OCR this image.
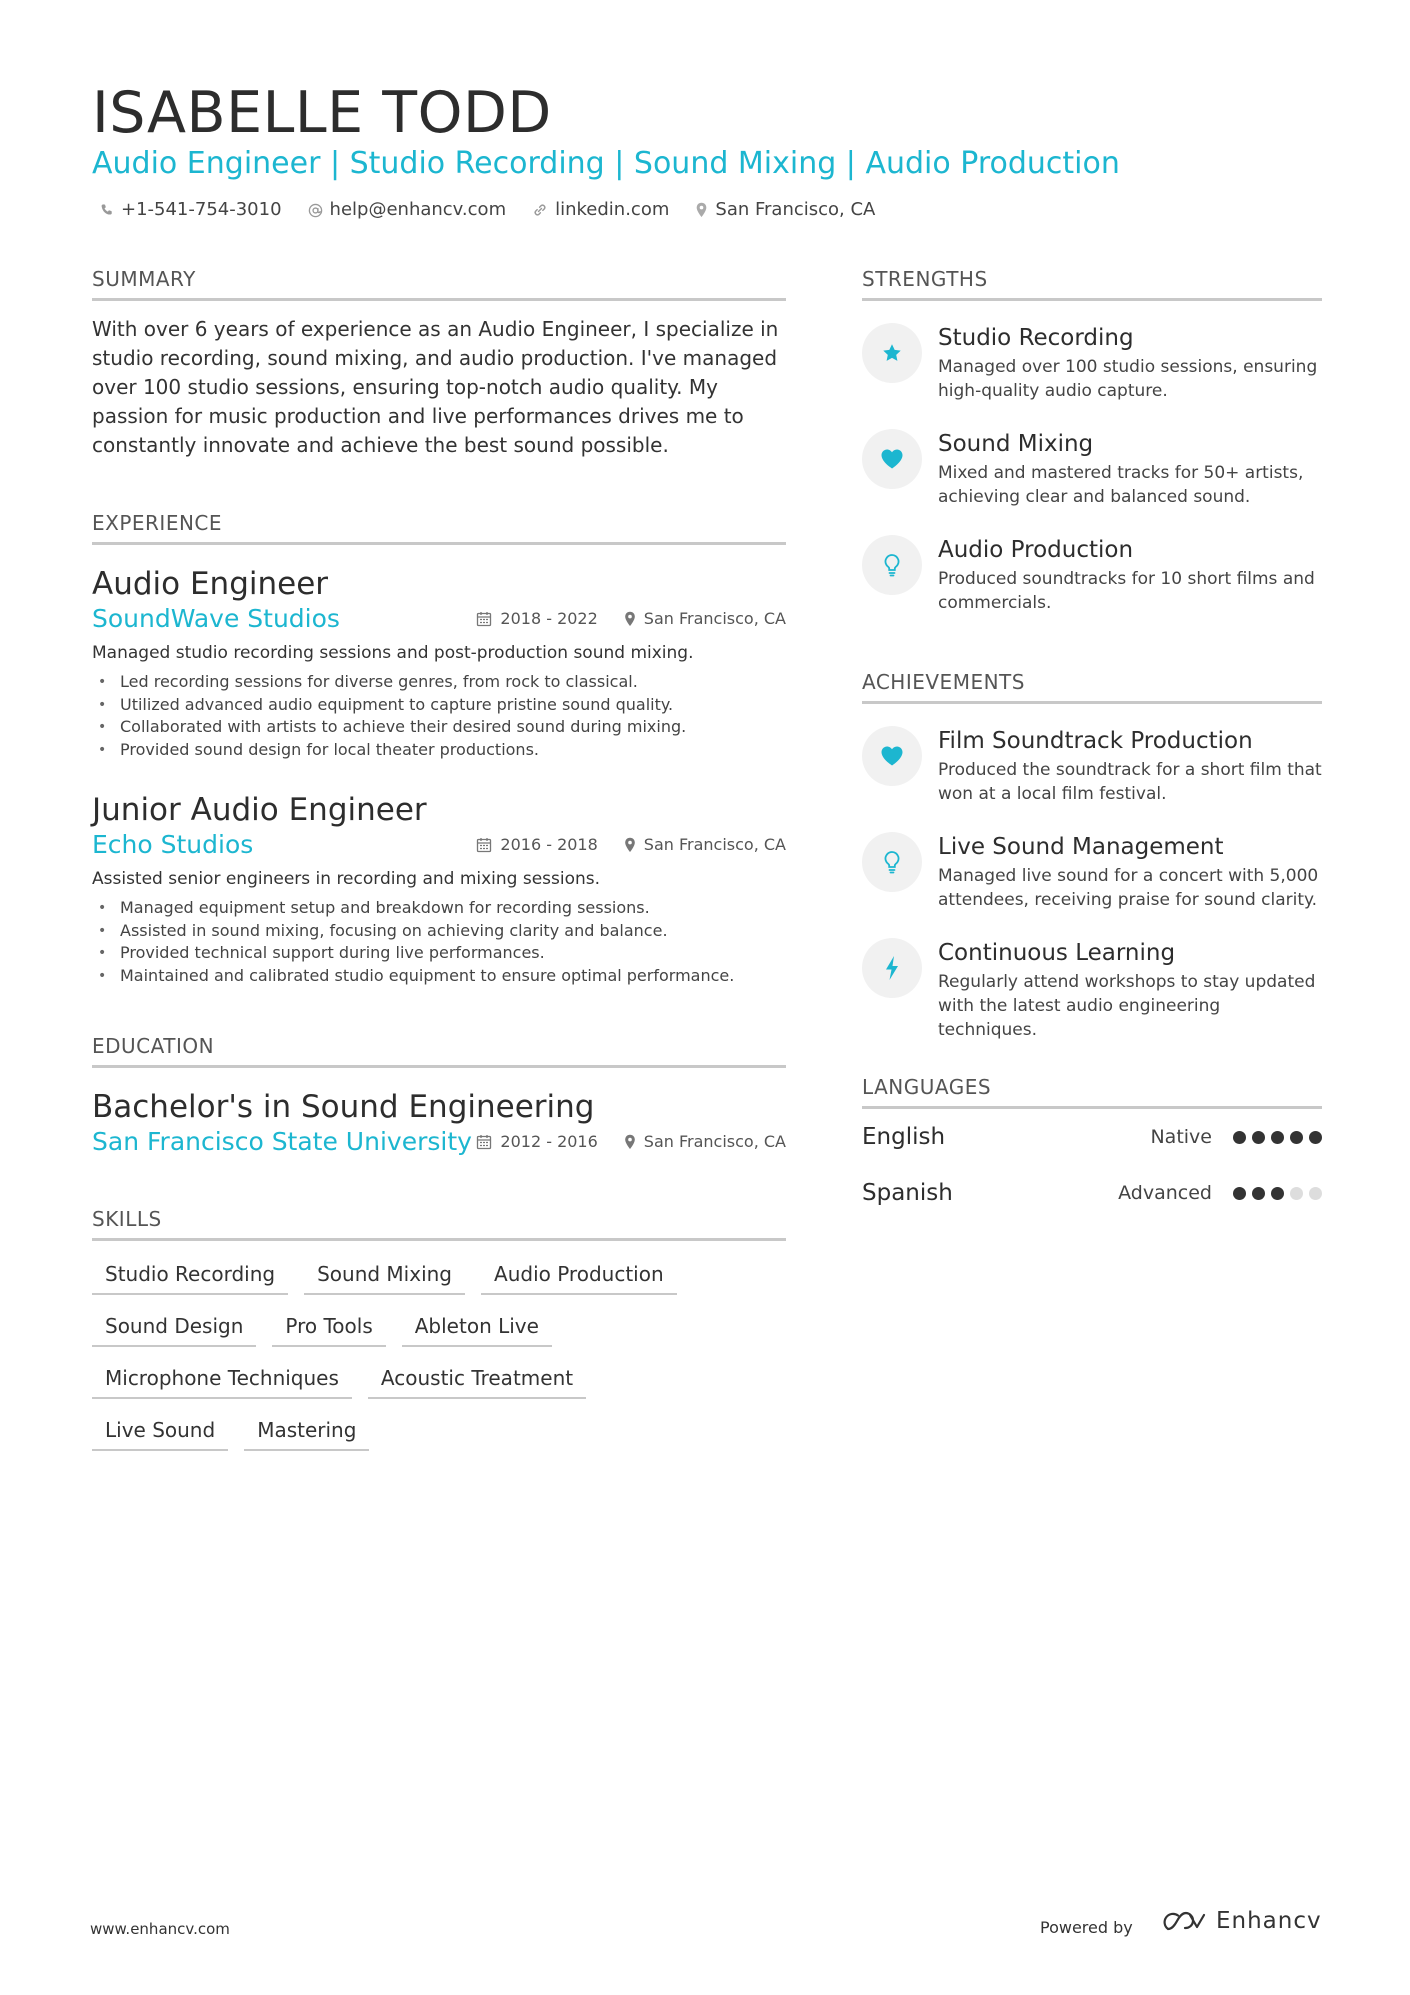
ISABELLE TODD
Audio Engineer | Studio Recording | Sound Mixing | Audio Production
+1-541-754-3010	help@enhancv.com	linkedin.com	San Francisco, CA
SUMMARY

With over 6 years of experience as an Audio Engineer, I specialize in studio recording, sound mixing, and audio production. I've managed over 100 studio sessions, ensuring top-notch audio quality. My passion for music production and live performances drives me to constantly innovate and achieve the best sound possible.

EXPERIENCE
Audio Engineer
SoundWave Studios	2018 - 2022	San Francisco, CA
Managed studio recording sessions and post-production sound mixing.
• Led recording sessions for diverse genres, from rock to classical.
• Utilized advanced audio equipment to capture pristine sound quality.
• Collaborated with artists to achieve their desired sound during mixing.
• Provided sound design for local theater productions.
Junior Audio Engineer
Echo Studios	2016 - 2018	San Francisco, CA
Assisted senior engineers in recording and mixing sessions.
• Managed equipment setup and breakdown for recording sessions.
• Assisted in sound mixing, focusing on achieving clarity and balance.
• Provided technical support during live performances.
• Maintained and calibrated studio equipment to ensure optimal performance.
EDUCATION
Bachelor's in Sound Engineering
San Francisco State University 2012 - 2016	San Francisco, CA
SKILLS
Studio Recording	Sound Mixing	Audio Production
Sound Design	Pro Tools	Ableton Live
Microphone Techniques	Acoustic Treatment
Live Sound	Mastering
STRENGTHS
Studio Recording
Managed over 100 studio sessions, ensuring high-quality audio capture.
Sound Mixing
Mixed and mastered tracks for 50+ artists, achieving clear and balanced sound.
Audio Production
Produced soundtracks for 10 short films and commercials.
ACHIEVEMENTS
Film Soundtrack Production
Produced the soundtrack for a short film that won at a local film festival.
Live Sound Management
Managed live sound for a concert with 5,000 attendees, receiving praise for sound clarity.
Continuous Learning
Regularly attend workshops to stay updated with the latest audio engineering techniques.
LANGUAGES
English	Native
Spanish	Advanced
www.enhancv.com	Powered by	Enhancv
